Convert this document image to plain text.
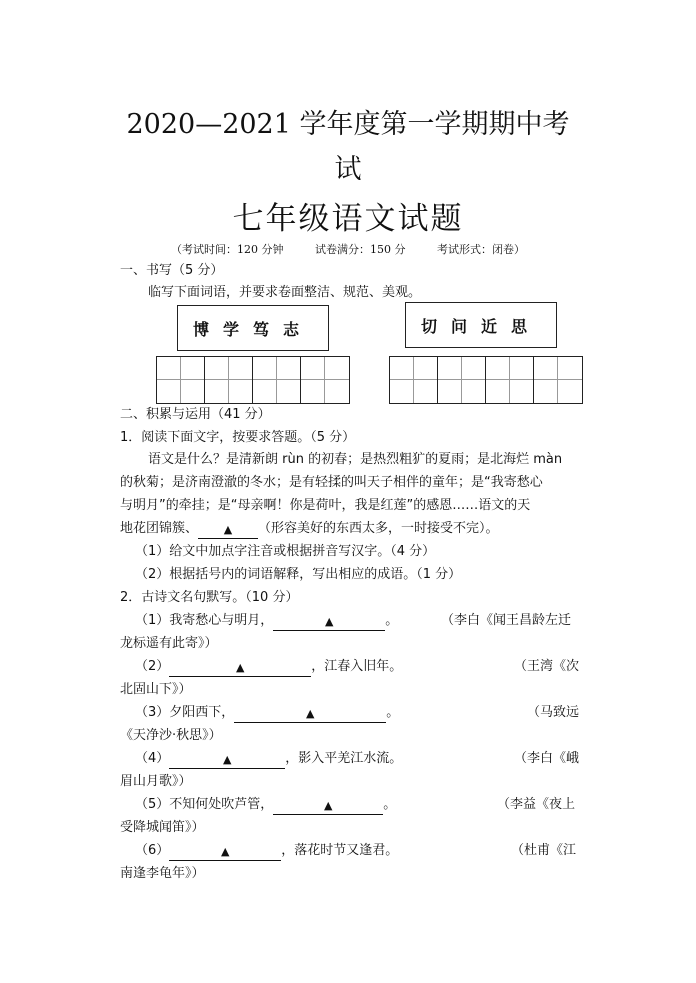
2020—2021 学年度第一学期期中考
试
七年级语文试题
（考试时间：120 分钟	试卷满分：150 分	考试形式：闭卷）
一、书写（5 分）
临写下面词语，并要求卷面整洁、规范、美观。
博学笃志	切问近思
二、积累与运用（41 分）
1．阅读下面文字，按要求答题。（5 分）
语文是什么？是清新朗 rùn 的初春；是热烈粗犷的夏雨；是北海烂 màn
的秋菊；是济南澄澈的冬水；是有轻揉的叫天子相伴的童年；是“我寄愁心
与明月”的牵挂；是“母亲啊！你是荷叶，我是红莲”的感恩……语文的天
地花团锦簇、 ▲ （形容美好的东西太多，一时接受不完）。
（1）给文中加点字注音或根据拼音写汉字。（4 分）
（2）根据括号内的词语解释，写出相应的成语。（1 分）
2．古诗文名句默写。（10 分）
（1）我寄愁心与明月，	▲	。	（李白《闻王昌龄左迁
龙标遥有此寄》）
（2）	▲	，江春入旧年。	（王湾《次
北固山下》）
（3）夕阳西下，	▲	。	（马致远
《天净沙·秋思》）
（4）	▲	，影入平羌江水流。	（李白《峨
眉山月歌》）
（5）不知何处吹芦管，	▲	。	（李益《夜上
受降城闻笛》）
（6）	▲	，落花时节又逢君。	（杜甫《江
南逢李龟年》）
